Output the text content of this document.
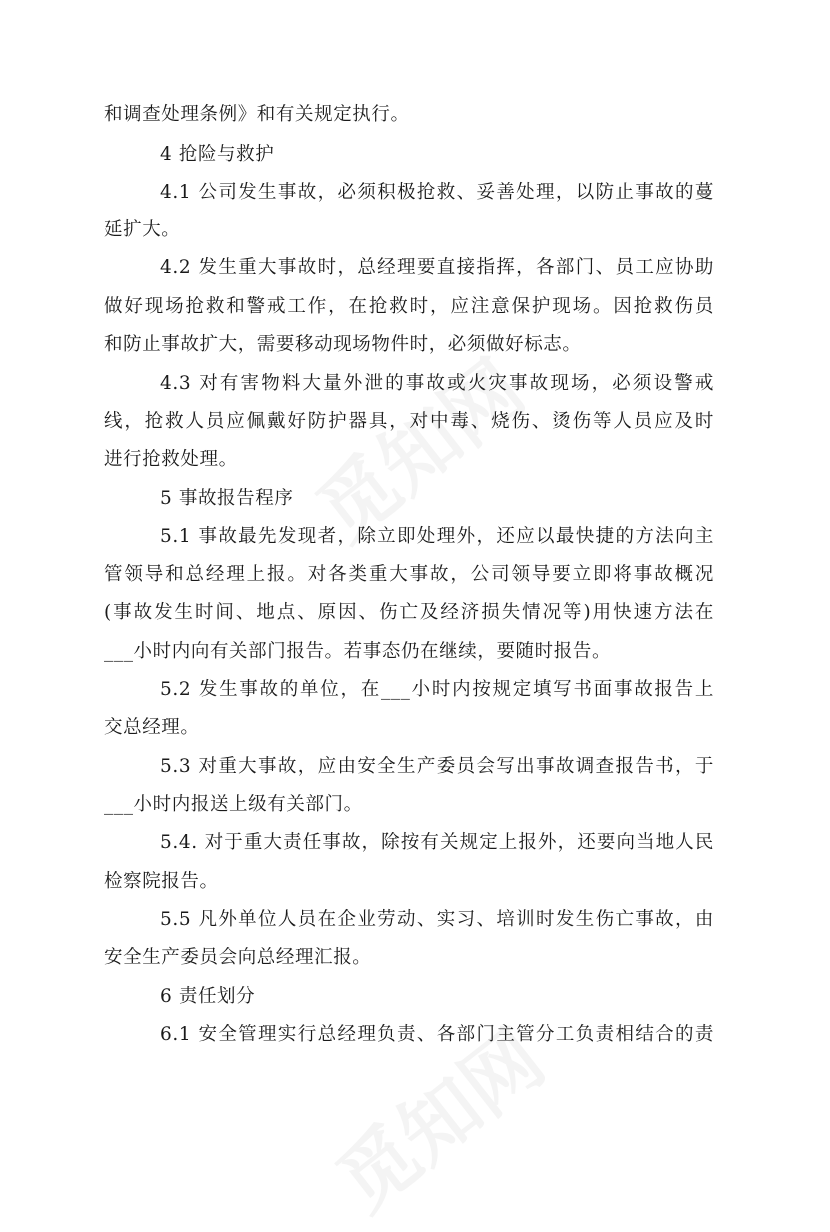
和调查处理条例》和有关规定执行。
4 抢险与救护
4.1 公司发生事故，必须积极抢救、妥善处理，以防止事故的蔓
延扩大。
4.2 发生重大事故时，总经理要直接指挥，各部门、员工应协助
做好现场抢救和警戒工作，在抢救时，应注意保护现场。因抢救伤员
和防止事故扩大，需要移动现场物件时，必须做好标志。
4.3 对有害物料大量外泄的事故或火灾事故现场，必须设警戒
线，抢救人员应佩戴好防护器具，对中毒、烧伤、烫伤等人员应及时
进行抢救处理。
5 事故报告程序
5.1 事故最先发现者，除立即处理外，还应以最快捷的方法向主
管领导和总经理上报。对各类重大事故，公司领导要立即将事故概况
(事故发生时间、地点、原因、伤亡及经济损失情况等)用快速方法在
___小时内向有关部门报告。若事态仍在继续，要随时报告。
5.2 发生事故的单位，在___小时内按规定填写书面事故报告上
交总经理。
5.3 对重大事故，应由安全生产委员会写出事故调查报告书，于
___小时内报送上级有关部门。
5.4. 对于重大责任事故，除按有关规定上报外，还要向当地人民
检察院报告。
5.5 凡外单位人员在企业劳动、实习、培训时发生伤亡事故，由
安全生产委员会向总经理汇报。
6 责任划分
6.1 安全管理实行总经理负责、各部门主管分工负责相结合的责
